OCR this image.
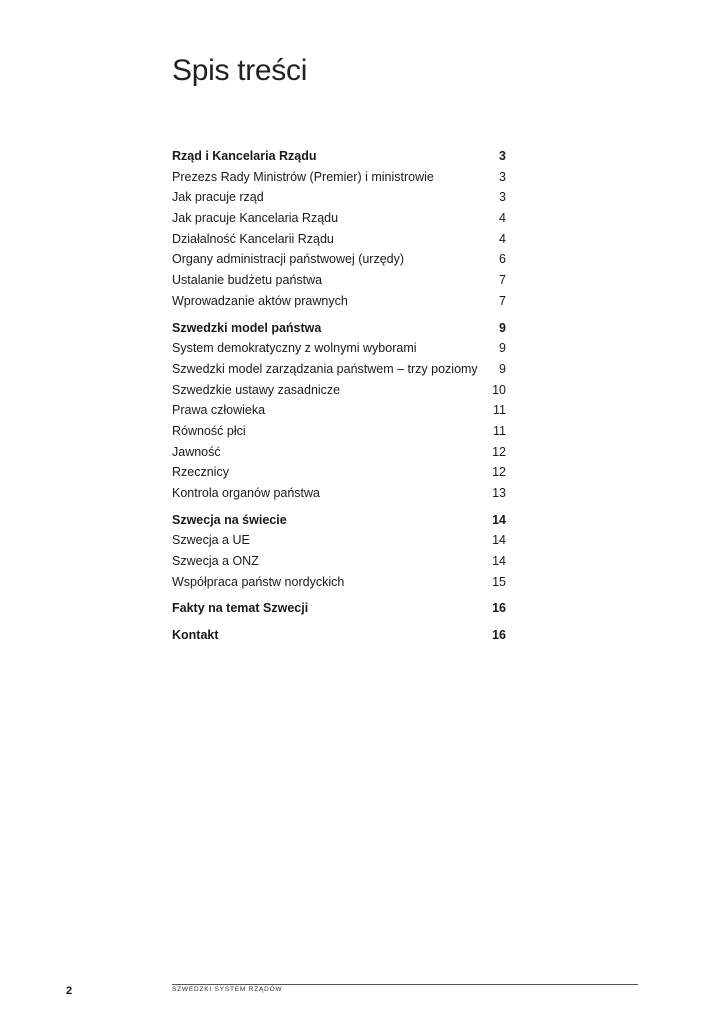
Spis treści
Rząd i Kancelaria Rządu	3
Prezezs Rady Ministrów (Premier) i ministrowie	3
Jak pracuje rząd	3
Jak pracuje Kancelaria Rządu	4
Działalność Kancelarii Rządu	4
Organy administracji państwowej (urzędy)	6
Ustalanie budżetu państwa	7
Wprowadzanie aktów prawnych	7
Szwedzki model państwa	9
System demokratyczny z wolnymi wyborami	9
Szwedzki model zarządzania państwem – trzy poziomy	9
Szwedzkie ustawy zasadnicze	10
Prawa człowieka	11
Równość płci	11
Jawność	12
Rzecznicy	12
Kontrola organów państwa	13
Szwecja na świecie	14
Szwecja a UE	14
Szwecja a ONZ	14
Współpraca państw nordyckich	15
Fakty na temat Szwecji	16
Kontakt	16
2	SZWEDZKI SYSTEM RZĄDÓW
